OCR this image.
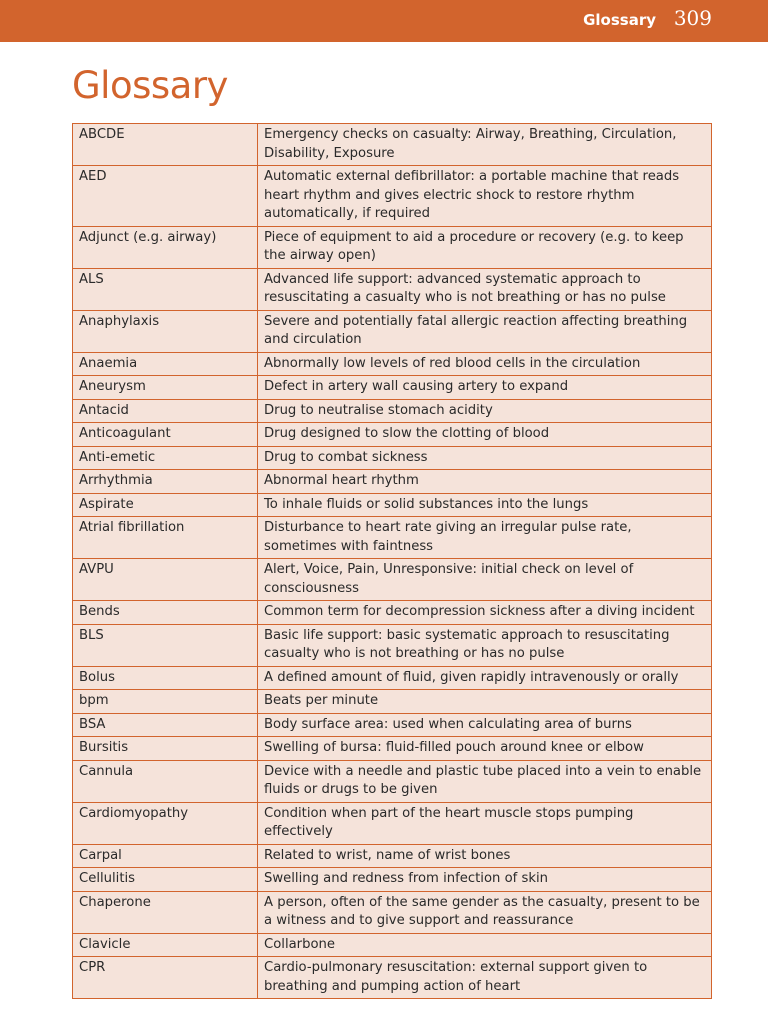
Glossary 309
Glossary
ABCDE	Emergency checks on casualty: Airway, Breathing, Circulation, Disability, Exposure
AED	Automatic external defibrillator: a portable machine that reads heart rhythm and gives electric shock to restore rhythm automatically, if required
Adjunct (e.g. airway)	Piece of equipment to aid a procedure or recovery (e.g. to keep the airway open)
ALS	Advanced life support: advanced systematic approach to resuscitating a casualty who is not breathing or has no pulse
Anaphylaxis	Severe and potentially fatal allergic reaction affecting breathing and circulation
Anaemia	Abnormally low levels of red blood cells in the circulation
Aneurysm	Defect in artery wall causing artery to expand
Antacid	Drug to neutralise stomach acidity
Anticoagulant	Drug designed to slow the clotting of blood
Anti-emetic	Drug to combat sickness
Arrhythmia	Abnormal heart rhythm
Aspirate	To inhale fluids or solid substances into the lungs
Atrial fibrillation	Disturbance to heart rate giving an irregular pulse rate, sometimes with faintness
AVPU	Alert, Voice, Pain, Unresponsive: initial check on level of consciousness
Bends	Common term for decompression sickness after a diving incident
BLS	Basic life support: basic systematic approach to resuscitating casualty who is not breathing or has no pulse
Bolus	A defined amount of fluid, given rapidly intravenously or orally
bpm	Beats per minute
BSA	Body surface area: used when calculating area of burns
Bursitis	Swelling of bursa: fluid-filled pouch around knee or elbow
Cannula	Device with a needle and plastic tube placed into a vein to enable fluids or drugs to be given
Cardiomyopathy	Condition when part of the heart muscle stops pumping effectively
Carpal	Related to wrist, name of wrist bones
Cellulitis	Swelling and redness from infection of skin
Chaperone	A person, often of the same gender as the casualty, present to be a witness and to give support and reassurance
Clavicle	Collarbone
CPR	Cardio-pulmonary resuscitation: external support given to breathing and pumping action of heart
